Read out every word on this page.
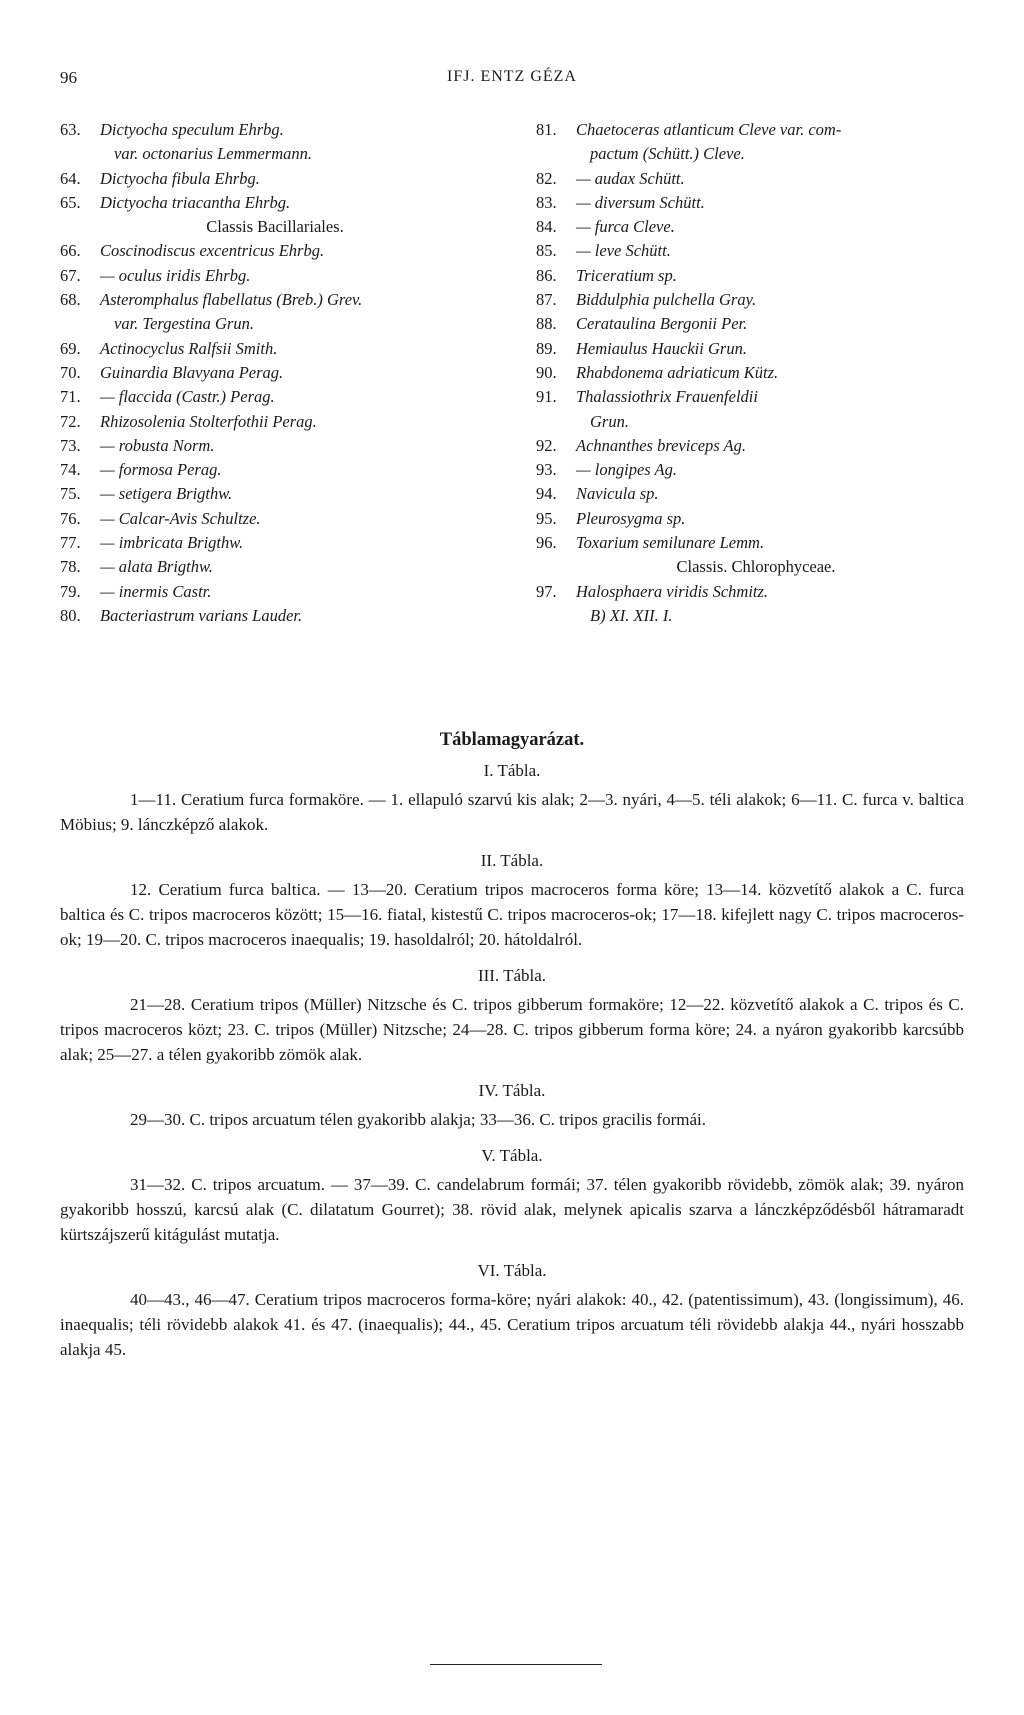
96	IFJ. ENTZ GÉZA
63.	Dictyocha speculum Ehrbg.
var. octonarius Lemmermann.
64.	Dictyocha fibula Ehrbg.
65.	Dictyocha triacantha Ehrbg.
Classis Bacillariales.
66.	Coscinodiscus excentricus Ehrbg.
67.	— oculus iridis Ehrbg.
68.	Asteromphalus flabellatus (Breb.) Grev.
var. Tergestina Grun.
69.	Actinocyclus Ralfsii Smith.
70.	Guinardia Blavyana Perag.
71.	— flaccida (Castr.) Perag.
72.	Rhizosolenia Stolterfothii Perag.
73.	— robusta Norm.
74.	— formosa Perag.
75.	— setigera Brigthw.
76.	— Calcar-Avis Schultze.
77.	— imbricata Brigthw.
78.	— alata Brigthw.
79.	— inermis Castr.
80.	Bacteriastrum varians Lauder.
81.	Chaetoceras atlanticum Cleve var. com-
pactum (Schütt.) Cleve.
82.	— audax Schütt.
83.	— diversum Schütt.
84.	— furca Cleve.
85.	— leve Schütt.
86.	Triceratium sp.
87.	Biddulphia pulchella Gray.
88.	Cerataulina Bergonii Per.
89.	Hemiaulus Hauckii Grun.
90.	Rhabdonema adriaticum Kütz.
91.	Thalassiothrix Frauenfeldii
Grun.
92.	Achnanthes breviceps Ag.
93.	— longipes Ag.
94.	Navicula sp.
95.	Pleurosygma sp.
96.	Toxarium semilunare Lemm.
Classis. Chlorophyceae.
97.	Halosphaera viridis Schmitz.
B) XI. XII. I.
Táblamagyarázat.
I. Tábla.

1—11. Ceratium furca formaköre. — 1. ellapuló szarvú kis alak; 2—3. nyári, 4—5. téli alakok; 6—11. C. furca v. baltica Möbius; 9. lánczképző alakok.

II. Tábla.

12. Ceratium furca baltica. — 13—20. Ceratium tripos macroceros forma köre; 13—14. közvetítő alakok a C. furca baltica és C. tripos macroceros között; 15—16. fiatal, kistestű C. tripos macroceros-ok; 17—18. kifejlett nagy C. tripos macroceros-ok; 19—20. C. tripos macroceros inaequalis; 19. hasoldalról; 20. hátoldalról.

III. Tábla.

21—28. Ceratium tripos (Müller) Nitzsche és C. tripos gibberum formaköre; 12—22. közvetítő alakok a C. tripos és C. tripos macroceros közt; 23. C. tripos (Müller) Nitzsche; 24—28. C. tripos gibberum forma köre; 24. a nyáron gyakoribb karcsúbb alak; 25—27. a télen gyakoribb zömök alak.

IV. Tábla.

29—30. C. tripos arcuatum télen gyakoribb alakja; 33—36. C. tripos gracilis formái.

V. Tábla.

31—32. C. tripos arcuatum. — 37—39. C. candelabrum formái; 37. télen gyakoribb rövidebb, zömök alak; 39. nyáron gyakoribb hosszú, karcsú alak (C. dilatatum Gourret); 38. rövid alak, melynek apicalis szarva a lánczképződésből hátramaradt kürtszájszerű kitágulást mutatja.

VI. Tábla.

40—43., 46—47. Ceratium tripos macroceros forma-köre; nyári alakok: 40., 42. (patentissimum), 43. (longissimum), 46. inaequalis; téli rövidebb alakok 41. és 47. (inaequalis); 44., 45. Ceratium tripos arcuatum téli rövidebb alakja 44., nyári hosszabb alakja 45.
